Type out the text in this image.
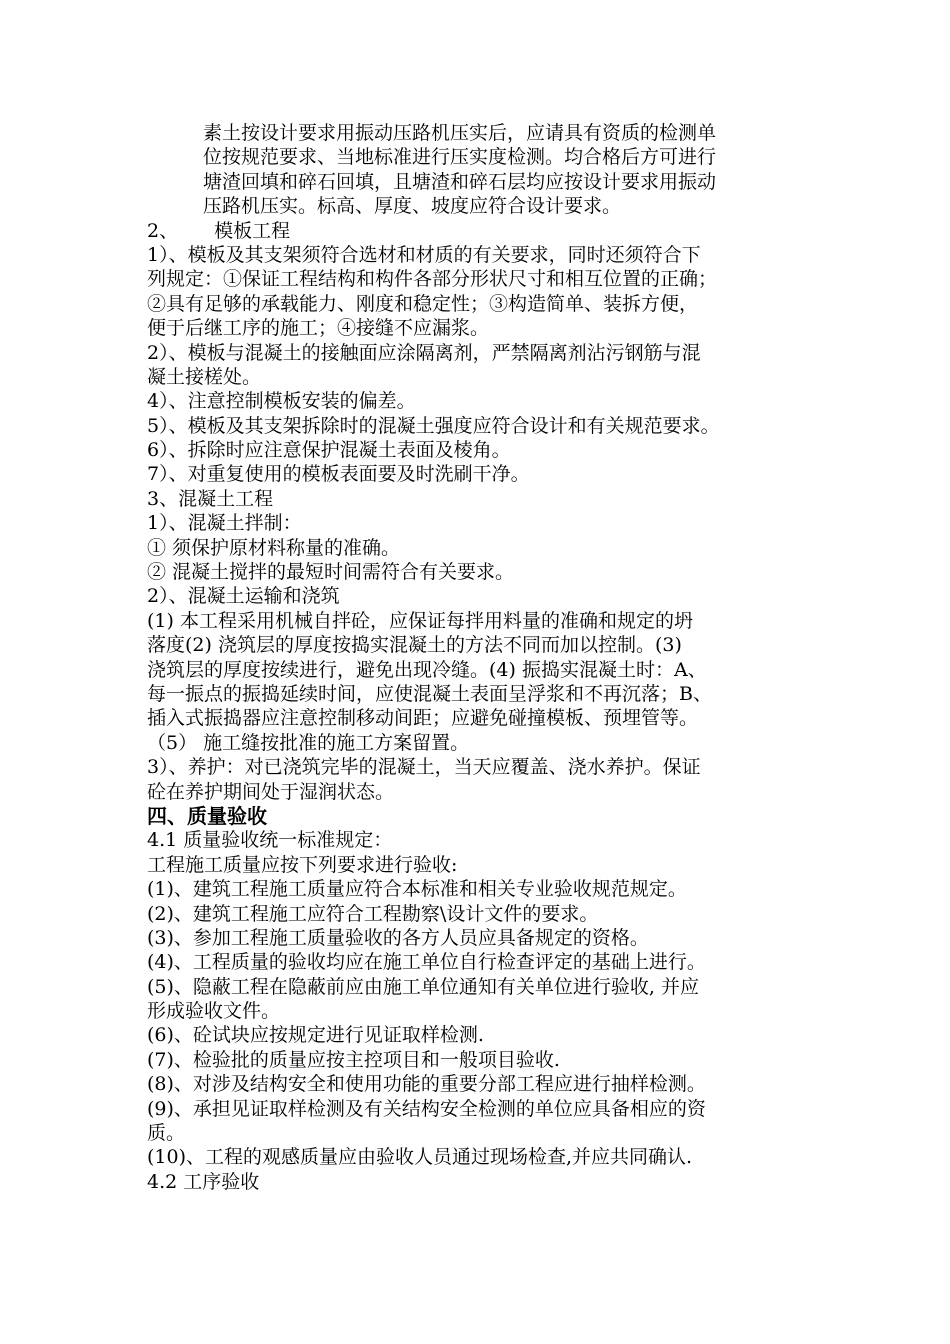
素土按设计要求用振动压路机压实后，应请具有资质的检测单
位按规范要求、当地标准进行压实度检测。均合格后方可进行
塘渣回填和碎石回填，且塘渣和碎石层均应按设计要求用振动
压路机压实。标高、厚度、坡度应符合设计要求。
2、 模板工程
1）、模板及其支架须符合选材和材质的有关要求，同时还须符合下
列规定：①保证工程结构和构件各部分形状尺寸和相互位置的正确；
②具有足够的承载能力、刚度和稳定性；③构造简单、装拆方便，
便于后继工序的施工；④接缝不应漏浆。
2）、模板与混凝土的接触面应涂隔离剂，严禁隔离剂沾污钢筋与混
凝土接槎处。
4）、注意控制模板安装的偏差。
5）、模板及其支架拆除时的混凝土强度应符合设计和有关规范要求。
6）、拆除时应注意保护混凝土表面及棱角。
7）、对重复使用的模板表面要及时洗刷干净。
3、混凝土工程
1）、混凝土拌制：
① 须保护原材料称量的准确。
② 混凝土搅拌的最短时间需符合有关要求。
2）、混凝土运输和浇筑
(1) 本工程采用机械自拌砼，应保证每拌用料量的准确和规定的坍
落度(2) 浇筑层的厚度按捣实混凝土的方法不同而加以控制。(3)
浇筑层的厚度按续进行，避免出现冷缝。(4) 振捣实混凝土时：A、
每一振点的振捣延续时间，应使混凝土表面呈浮浆和不再沉落；B、
插入式振捣器应注意控制移动间距；应避免碰撞模板、预埋管等。
（5） 施工缝按批准的施工方案留置。
3）、养护：对已浇筑完毕的混凝土，当天应覆盖、浇水养护。保证
砼在养护期间处于湿润状态。
四、质量验收
4.1 质量验收统一标准规定：
工程施工质量应按下列要求进行验收:
(1)、建筑工程施工质量应符合本标准和相关专业验收规范规定。
(2)、建筑工程施工应符合工程勘察\设计文件的要求。
(3)、参加工程施工质量验收的各方人员应具备规定的资格。
(4)、工程质量的验收均应在施工单位自行检查评定的基础上进行。
(5)、隐蔽工程在隐蔽前应由施工单位通知有关单位进行验收, 并应
形成验收文件。
(6)、砼试块应按规定进行见证取样检测.
(7)、检验批的质量应按主控项目和一般项目验收.
(8)、对涉及结构安全和使用功能的重要分部工程应进行抽样检测。
(9)、承担见证取样检测及有关结构安全检测的单位应具备相应的资
质。
(10)、工程的观感质量应由验收人员通过现场检查,并应共同确认.
4.2 工序验收
